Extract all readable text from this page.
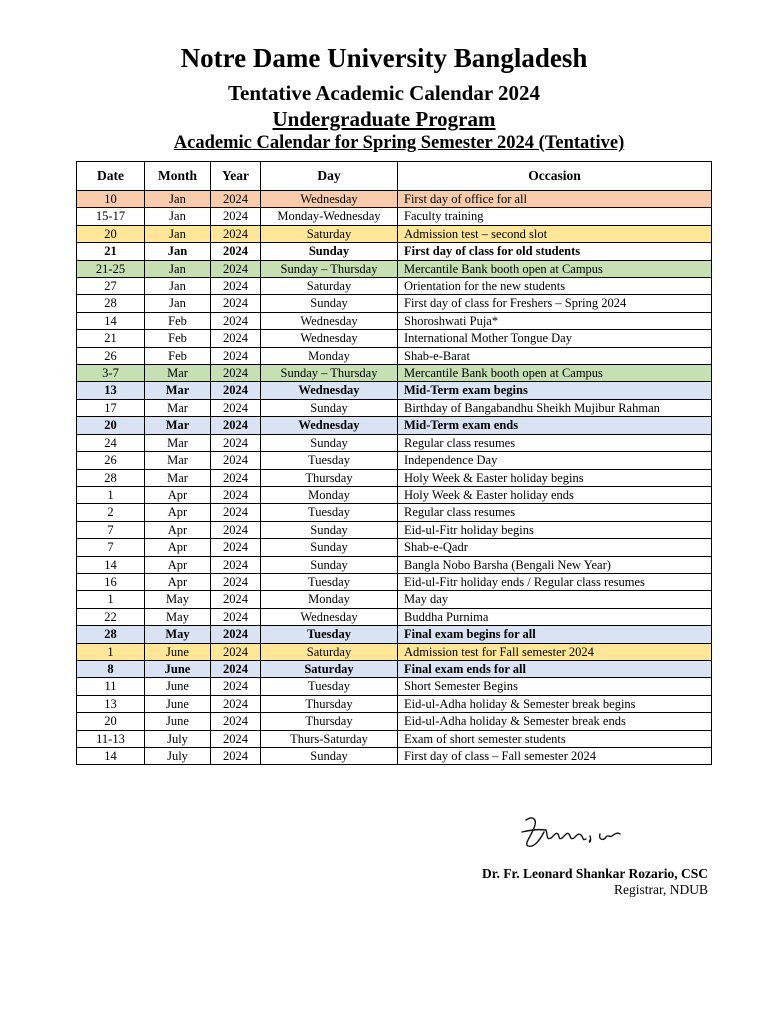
Notre Dame University Bangladesh
Tentative Academic Calendar 2024
Undergraduate Program
Academic Calendar for Spring Semester 2024 (Tentative)
Date	Month	Year	Day	Occasion
10	Jan	2024	Wednesday	First day of office for all
15-17	Jan	2024	Monday-Wednesday	Faculty training
20	Jan	2024	Saturday	Admission test – second slot
21	Jan	2024	Sunday	First day of class for old students
21-25	Jan	2024	Sunday – Thursday	Mercantile Bank booth open at Campus
27	Jan	2024	Saturday	Orientation for the new students
28	Jan	2024	Sunday	First day of class for Freshers – Spring 2024
14	Feb	2024	Wednesday	Shoroshwati Puja*
21	Feb	2024	Wednesday	International Mother Tongue Day
26	Feb	2024	Monday	Shab-e-Barat
3-7	Mar	2024	Sunday – Thursday	Mercantile Bank booth open at Campus
13	Mar	2024	Wednesday	Mid-Term exam begins
17	Mar	2024	Sunday	Birthday of Bangabandhu Sheikh Mujibur Rahman
20	Mar	2024	Wednesday	Mid-Term exam ends
24	Mar	2024	Sunday	Regular class resumes
26	Mar	2024	Tuesday	Independence Day
28	Mar	2024	Thursday	Holy Week & Easter holiday begins
1	Apr	2024	Monday	Holy Week & Easter holiday ends
2	Apr	2024	Tuesday	Regular class resumes
7	Apr	2024	Sunday	Eid-ul-Fitr holiday begins
7	Apr	2024	Sunday	Shab-e-Qadr
14	Apr	2024	Sunday	Bangla Nobo Barsha (Bengali New Year)
16	Apr	2024	Tuesday	Eid-ul-Fitr holiday ends / Regular class resumes
1	May	2024	Monday	May day
22	May	2024	Wednesday	Buddha Purnima
28	May	2024	Tuesday	Final exam begins for all
1	June	2024	Saturday	Admission test for Fall semester 2024
8	June	2024	Saturday	Final exam ends for all
11	June	2024	Tuesday	Short Semester Begins
13	June	2024	Thursday	Eid-ul-Adha holiday & Semester break begins
20	June	2024	Thursday	Eid-ul-Adha holiday & Semester break ends
11-13	July	2024	Thurs-Saturday	Exam of short semester students
14	July	2024	Sunday	First day of class – Fall semester 2024
Dr. Fr. Leonard Shankar Rozario, CSC
Registrar, NDUB
